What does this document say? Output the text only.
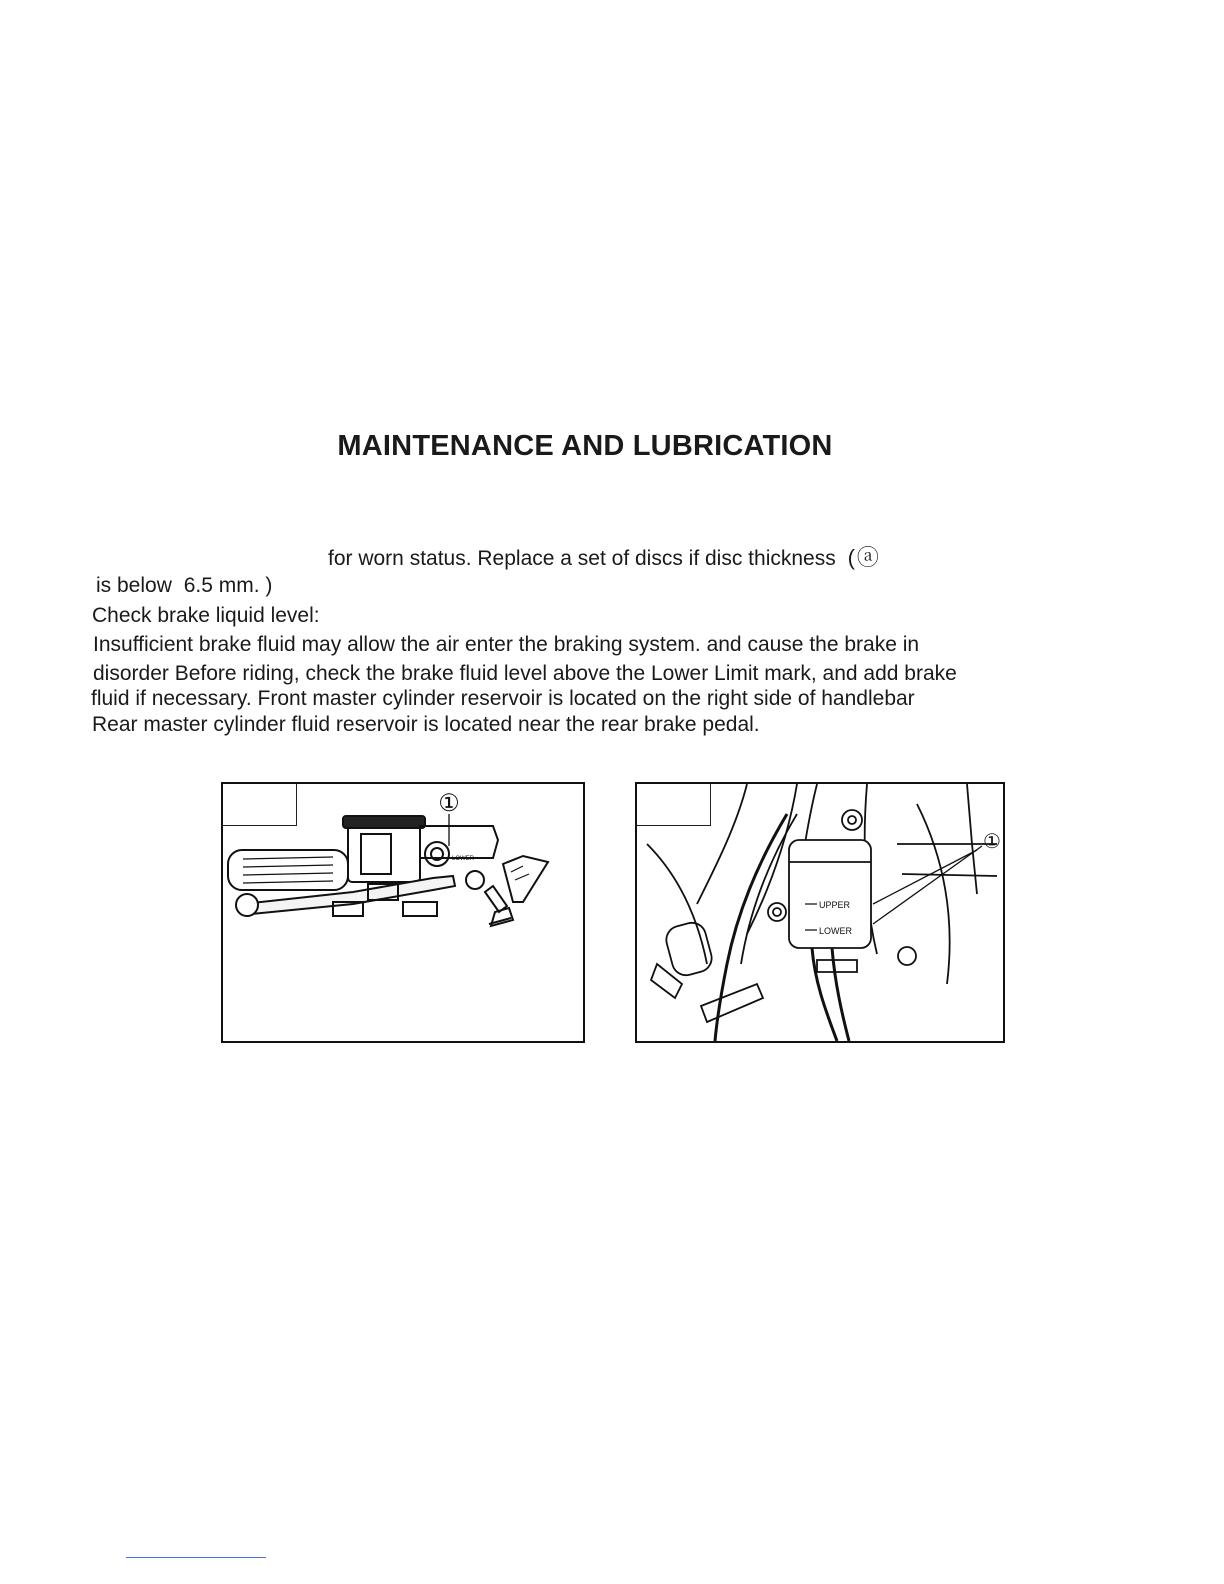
MAINTENANCE AND LUBRICATION
for worn status. Replace a set of discs if disc thickness (ⓐ
is below 6.5 mm. )
Check brake liquid level:
Insufficient brake fluid may allow the air enter the braking system. and cause the brake in
disorder Before riding, check the brake fluid level above the Lower Limit mark, and add brake
fluid if necessary. Front master cylinder reservoir is located on the right side of handlebar
Rear master cylinder fluid reservoir is located near the rear brake pedal.
①
LOWER
①
UPPER
LOWER
